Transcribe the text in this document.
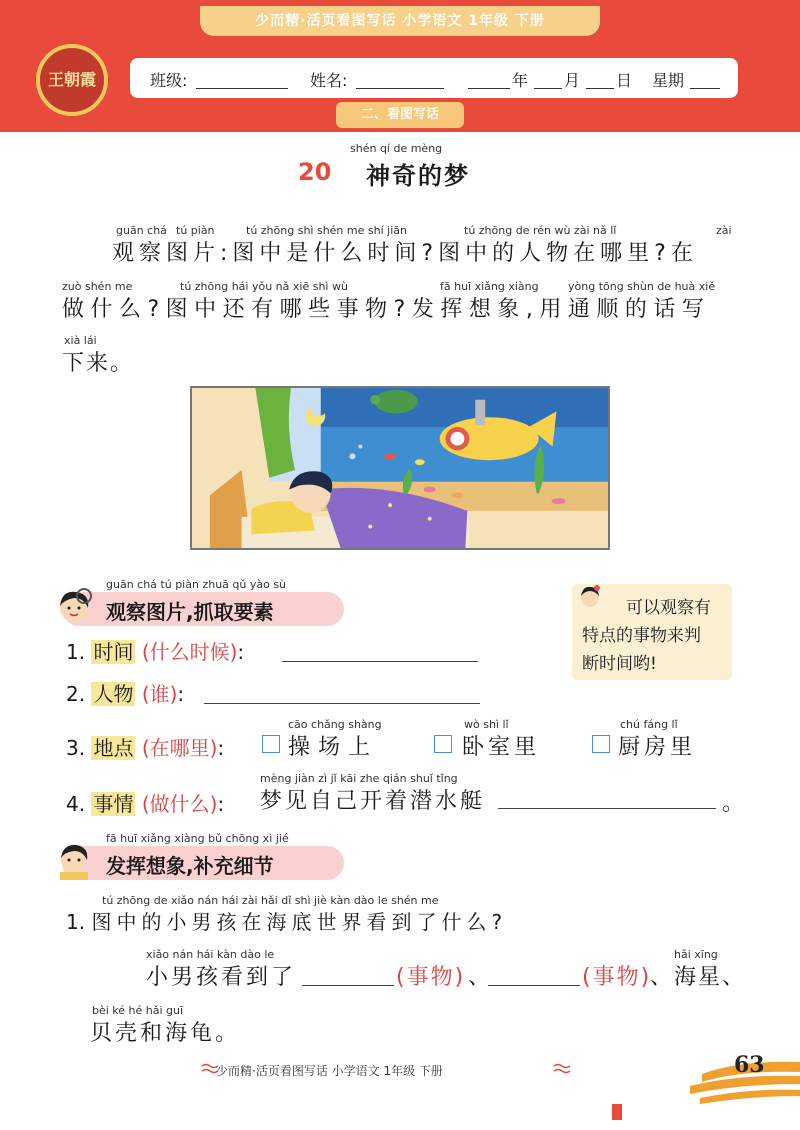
少而精·活页看图写话 小学语文 1年级 下册
王朝霞	班级:	姓名:	年 月 日 星期
二、看图写话
20
shén qí de mèng
神奇的梦
guān chá tú piàn	tú zhōng shì shén me shí jiān	tú zhōng de rén wù zài nǎ lǐ	zài
观察图片:图中是什么时间?图中的人物在哪里?在
zuò shén me	tú zhōng hái yǒu nǎ xiē shì wù	fā huī xiǎng xiàng	yòng tōng shùn de huà xiě
做什么?图中还有哪些事物?发挥想象,用通顺的话写
xià lái
下来。
guān chá tú piàn zhuā qǔ yào sù
观察图片,抓取要素	可以观察有
特点的事物来判
断时间哟!
1. 时间 (什么时候):
2. 人物 (谁):
3. 地点 (在哪里):
cāo chǎng shàng
操场上
wò shì lǐ
卧室里
chú fáng lǐ
厨房里
4. 事情 (做什么):
mèng jiàn zì jǐ kāi zhe qián shuǐ tǐng
梦见自己开着潜水艇	。
fā huī xiǎng xiàng bǔ chōng xì jié
发挥想象,补充细节
tú zhōng de xiǎo nán hái zài hǎi dǐ shì jiè kàn dào le shén me
1. 图中的小男孩在海底世界看到了什么?
xiǎo nán hái kàn dào le
小男孩看到了	(事物) 、	(事物)
hǎi xīng
、海星、
bèi ké hé hǎi guī
贝壳和海龟。
少而精·活页看图写话 小学语文 1年级 下册	63
